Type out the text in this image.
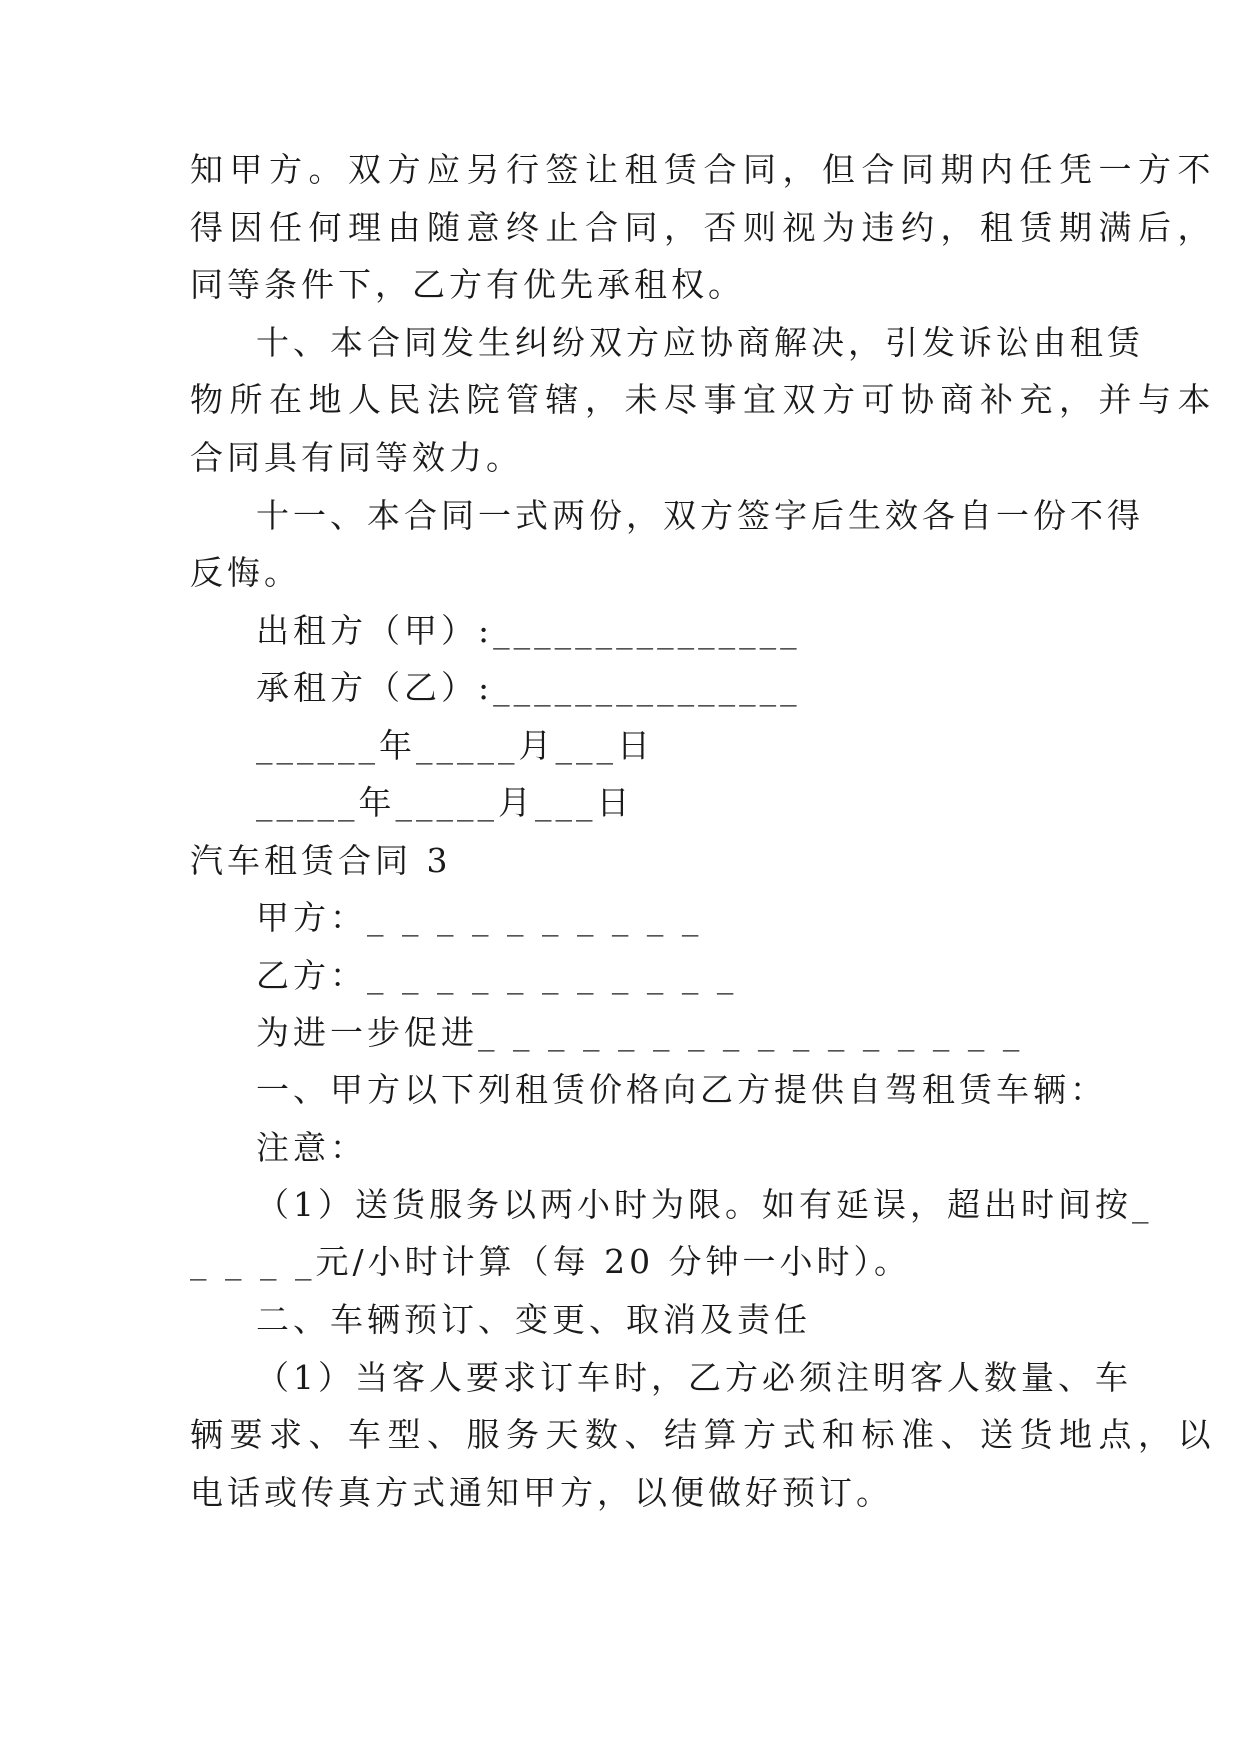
知甲方。双方应另行签让租赁合同，但合同期内任凭一方不
得因任何理由随意终止合同，否则视为违约，租赁期满后，
同等条件下，乙方有优先承租权。
十、本合同发生纠纷双方应协商解决，引发诉讼由租赁
物所在地人民法院管辖，未尽事宜双方可协商补充，并与本
合同具有同等效力。
十一、本合同一式两份，双方签字后生效各自一份不得
反悔。
出租方（甲）:_______________
承租方（乙）:_______________
______年_____月___日
_____年_____月___日
汽车租赁合同 3
甲方：_ _ _ _ _ _ _ _ _ _
乙方：_ _ _ _ _ _ _ _ _ _ _
为进一步促进_ _ _ _ _ _ _ _ _ _ _ _ _ _ _ _
一、甲方以下列租赁价格向乙方提供自驾租赁车辆：
注意：
（1）送货服务以两小时为限。如有延误，超出时间按_
_ _ _ _元/小时计算（每 20 分钟一小时）。
二、车辆预订、变更、取消及责任
（1）当客人要求订车时，乙方必须注明客人数量、车
辆要求、车型、服务天数、结算方式和标准、送货地点，以
电话或传真方式通知甲方，以便做好预订。
